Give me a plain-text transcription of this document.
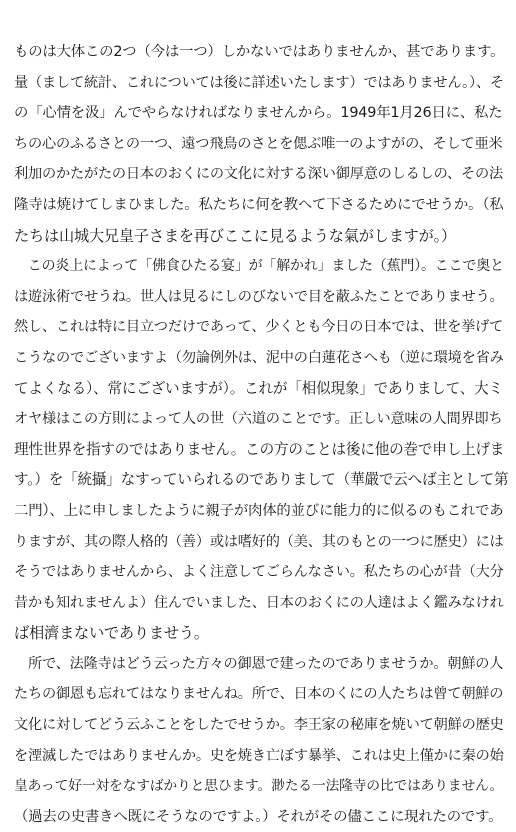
ものは大体この2つ（今は一つ）しかないではありませんか、甚であります。
量（まして統計、これについては後に詳述いたします）ではありません。）、そ
の「心情を汲」んでやらなければなりませんから。1949年1月26日に、私た
ちの心のふるさとの一つ、遠つ飛鳥のさとを偲ぶ唯一のよすがの、そして亜米
利加のかたがたの日本のおくにの文化に対する深い御厚意のしるしの、その法
隆寺は焼けてしまひました。私たちに何を教へて下さるためにでせうか。（私
たちは山城大兄皇子さまを再びここに見るような氣がしますが。）
　この炎上によって「佛食ひたる宴」が「解かれ」ました（蕉門）。ここで奥と
は遊泳術でせうね。世人は見るにしのびないで目を蔽ふたことでありませう。
然し、これは特に目立つだけであって、少くとも今日の日本では、世を挙げて
こうなのでございますよ（勿論例外は、泥中の白蓮花さへも（逆に環境を省み
てよくなる）、常にございますが）。これが「相似現象」でありまして、大ミ
オヤ様はこの方則によって人の世（六道のことです。正しい意味の人間界即ち
理性世界を指すのではありません。この方のことは後に他の巻で申し上げま
す。）を「統攝」なすっていられるのでありまして（華嚴で云へば主として第
二門）、上に申しましたように親子が肉体的並びに能力的に似るのもこれであ
りますが、其の際人格的（善）或は嗜好的（美、其のもとの一つに歴史）には
そうではありませんから、よく注意してごらんなさい。私たちの心が昔（大分
昔かも知れませんよ）住んでいました、日本のおくにの人達はよく鑑みなけれ
ば相濟まないでありませう。
　所で、法隆寺はどう云った方々の御恩で建ったのでありませうか。朝鮮の人
たちの御恩も忘れてはなりませんね。所で、日本のくにの人たちは曾て朝鮮の
文化に対してどう云ふことをしたでせうか。李王家の秘庫を焼いて朝鮮の歴史
を湮滅したではありませんか。史を焼き亡ぼす暴挙、これは史上僅かに秦の始
皇あって好一対をなすばかりと思ひます。渺たる一法隆寺の比ではありません。
（過去の史書きへ既にそうなのですよ。）それがその儘ここに現れたのです。
